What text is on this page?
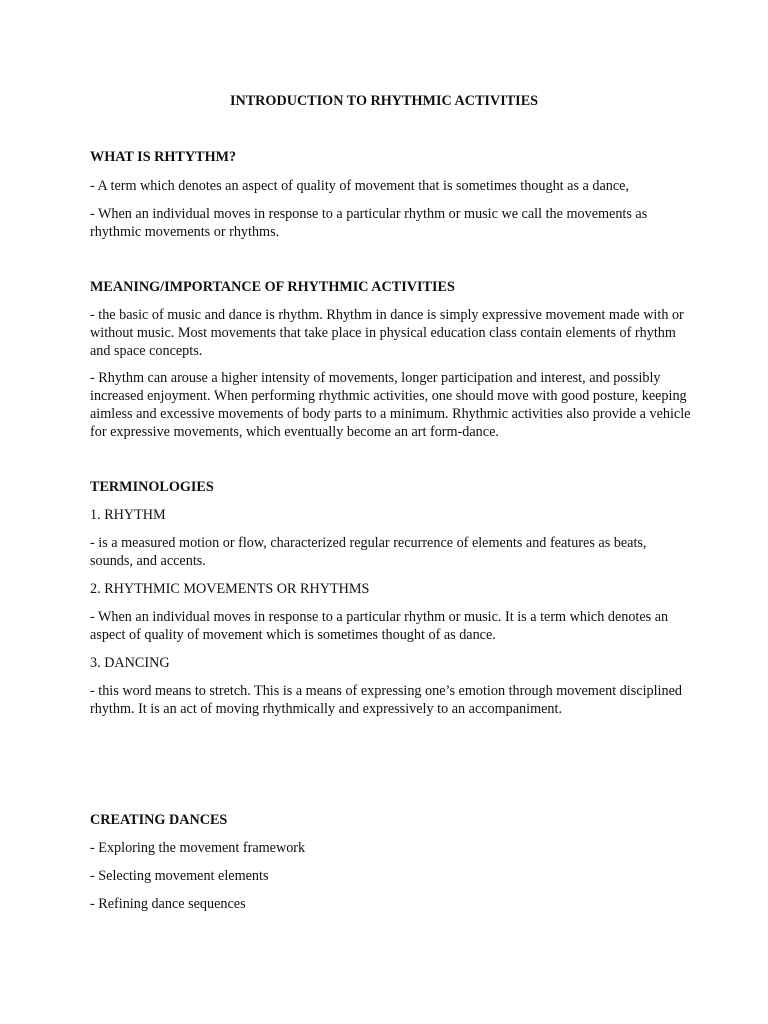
INTRODUCTION TO RHYTHMIC ACTIVITIES
WHAT IS RHTYTHM?

- A term which denotes an aspect of quality of movement that is sometimes thought as a dance,

- When an individual moves in response to a particular rhythm or music we call the movements as
rhythmic movements or rhythms.

MEANING/IMPORTANCE OF RHYTHMIC ACTIVITIES

- the basic of music and dance is rhythm. Rhythm in dance is simply expressive movement made with or
without music. Most movements that take place in physical education class contain elements of rhythm
and space concepts.

- Rhythm can arouse a higher intensity of movements, longer participation and interest, and possibly
increased enjoyment. When performing rhythmic activities, one should move with good posture, keeping
aimless and excessive movements of body parts to a minimum. Rhythmic activities also provide a vehicle
for expressive movements, which eventually become an art form-dance.

TERMINOLOGIES

1. RHYTHM

- is a measured motion or flow, characterized regular recurrence of elements and features as beats,
sounds, and accents.

2. RHYTHMIC MOVEMENTS OR RHYTHMS

- When an individual moves in response to a particular rhythm or music. It is a term which denotes an
aspect of quality of movement which is sometimes thought of as dance.

3. DANCING

- this word means to stretch. This is a means of expressing one’s emotion through movement disciplined
rhythm. It is an act of moving rhythmically and expressively to an accompaniment.

CREATING DANCES

- Exploring the movement framework

- Selecting movement elements

- Refining dance sequences
